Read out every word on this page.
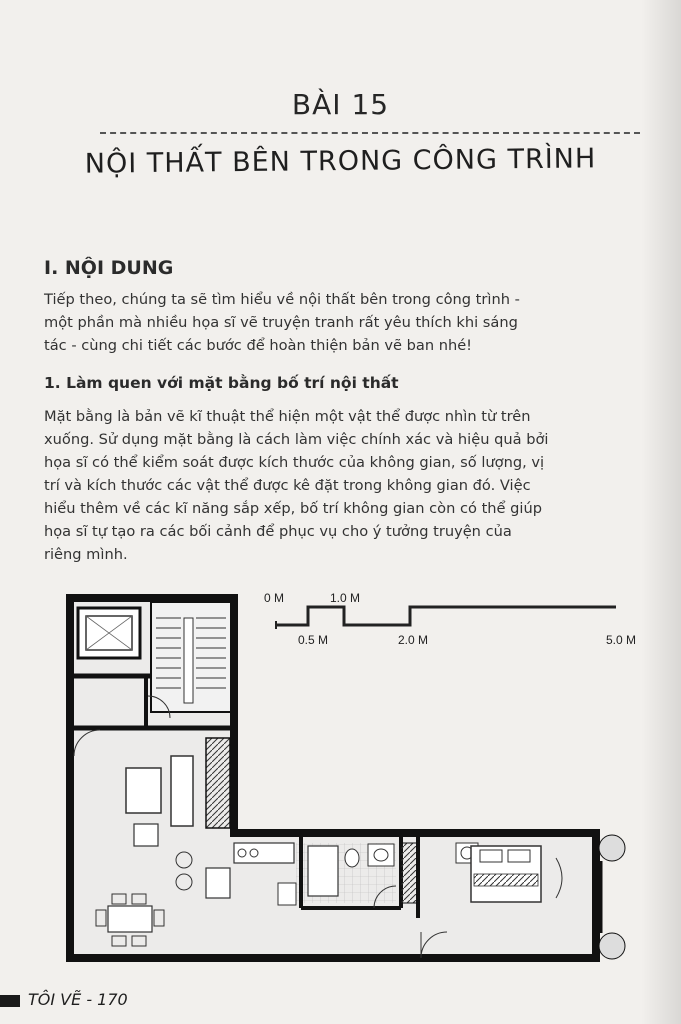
BÀI 15
NỘI THẤT BÊN TRONG CÔNG TRÌNH
I. NỘI DUNG
Tiếp theo, chúng ta sẽ tìm hiểu về nội thất bên trong công trình -
một phần mà nhiều họa sĩ vẽ truyện tranh rất yêu thích khi sáng
tác - cùng chi tiết các bước để hoàn thiện bản vẽ ban nhé!
1. Làm quen với mặt bằng bố trí nội thất
Mặt bằng là bản vẽ kĩ thuật thể hiện một vật thể được nhìn từ trên
xuống. Sử dụng mặt bằng là cách làm việc chính xác và hiệu quả bởi
họa sĩ có thể kiểm soát được kích thước của không gian, số lượng, vị
trí và kích thước các vật thể được kê đặt trong không gian đó. Việc
hiểu thêm về các kĩ năng sắp xếp, bố trí không gian còn có thể giúp
họa sĩ tự tạo ra các bối cảnh để phục vụ cho ý tưởng truyện của
riêng mình.
0 M	1.0 M
0.5 M	2.0 M	5.0 M
TÔI VẼ - 170
